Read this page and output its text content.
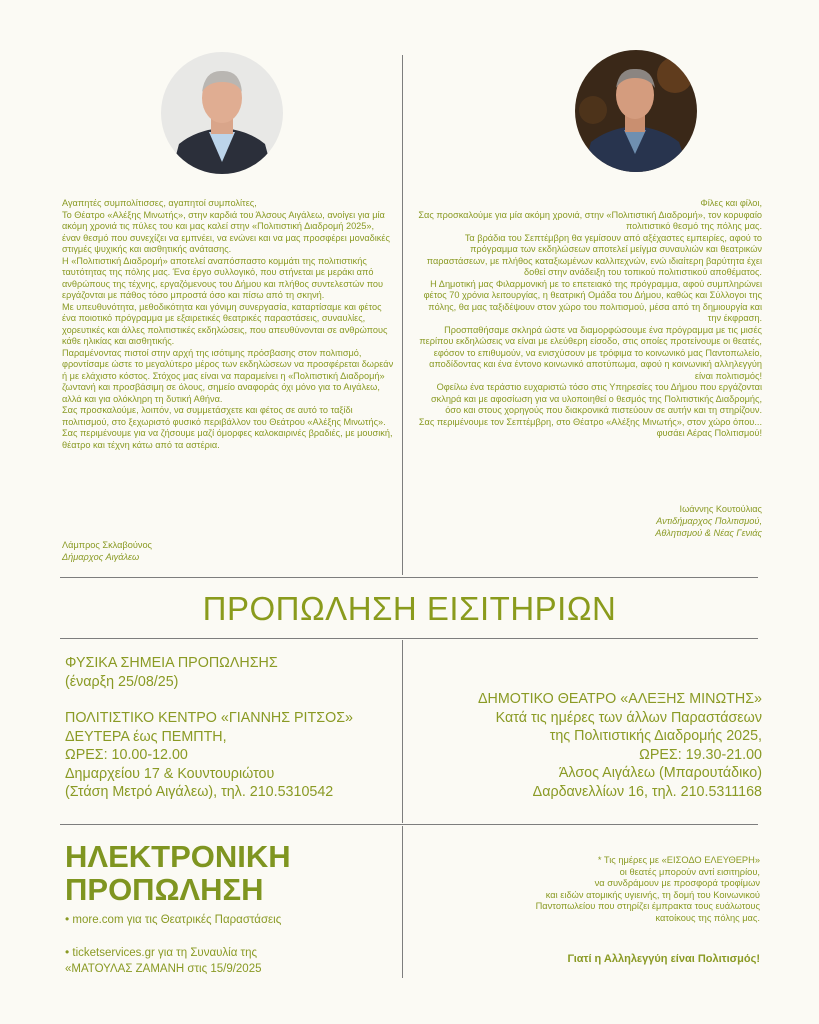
Αγαπητές συμπολίτισσες, αγαπητοί συμπολίτες,

Το Θέατρο «Αλέξης Μινωτής», στην καρδιά του Άλσους Αιγάλεω, ανοίγει για μία ακόμη χρονιά τις πύλες του και μας καλεί στην «Πολιτιστική Διαδρομή 2025», έναν θεσμό που συνεχίζει να εμπνέει, να ενώνει και να μας προσφέρει μοναδικές στιγμές ψυχικής και αισθητικής ανάτασης.

Η «Πολιτιστική Διαδρομή» αποτελεί αναπόσπαστο κομμάτι της πολιτιστικής ταυτότητας της πόλης μας. Ένα έργο συλλογικό, που στήνεται με μεράκι από ανθρώπους της τέχνης, εργαζόμενους του Δήμου και πλήθος συντελεστών που εργάζονται με πάθος τόσο μπροστά όσο και πίσω από τη σκηνή.

Με υπευθυνότητα, μεθοδικότητα και γόνιμη συνεργασία, καταρτίσαμε και φέτος ένα ποιοτικό πρόγραμμα με εξαιρετικές θεατρικές παραστάσεις, συναυλίες, χορευτικές και άλλες πολιτιστικές εκδηλώσεις, που απευθύνονται σε ανθρώπους κάθε ηλικίας και αισθητικής.

Παραμένοντας πιστοί στην αρχή της ισότιμης πρόσβασης στον πολιτισμό, φροντίσαμε ώστε το μεγαλύτερο μέρος των εκδηλώσεων να προσφέρεται δωρεάν ή με ελάχιστο κόστος. Στόχος μας είναι να παραμείνει η «Πολιτιστική Διαδρομή» ζωντανή και προσβάσιμη σε όλους, σημείο αναφοράς όχι μόνο για το Αιγάλεω, αλλά και για ολόκληρη τη δυτική Αθήνα.

Σας προσκαλούμε, λοιπόν, να συμμετάσχετε και φέτος σε αυτό το ταξίδι πολιτισμού, στο ξεχωριστό φυσικό περιβάλλον του Θεάτρου «Αλέξης Μινωτής». Σας περιμένουμε για να ζήσουμε μαζί όμορφες καλοκαιρινές βραδιές, με μουσική, θέατρο και τέχνη κάτω από τα αστέρια.

Λάμπρος Σκλαβούνος
Δήμαρχος Αιγάλεω

Φίλες και φίλοι,

Σας προσκαλούμε για μία ακόμη χρονιά, στην «Πολιτιστική Διαδρομή», τον κορυφαίο πολιτιστικό θεσμό της πόλης μας.

Τα βράδια του Σεπτέμβρη θα γεμίσουν από αξέχαστες εμπειρίες, αφού το πρόγραμμα των εκδηλώσεων αποτελεί μείγμα συναυλιών και θεατρικών παραστάσεων, με πλήθος καταξιωμένων καλλιτεχνών, ενώ ιδιαίτερη βαρύτητα έχει δοθεί στην ανάδειξη του τοπικού πολιτιστικού αποθέματος.

Η Δημοτική μας Φιλαρμονική με το επετειακό της πρόγραμμα, αφού συμπληρώνει φέτος 70 χρόνια λειτουργίας, η θεατρική Ομάδα του Δήμου, καθώς και Σύλλογοι της πόλης, θα μας ταξιδέψουν στον χώρο του πολιτισμού, μέσα από τη δημιουργία και την έκφραση.

Προσπαθήσαμε σκληρά ώστε να διαμορφώσουμε ένα πρόγραμμα με τις μισές περίπου εκδηλώσεις να είναι με ελεύθερη είσοδο, στις οποίες προτείνουμε οι θεατές, εφόσον το επιθυμούν, να ενισχύσουν με τρόφιμα το κοινωνικό μας Παντοπωλείο, αποδίδοντας και ένα έντονο κοινωνικό αποτύπωμα, αφού η κοινωνική αλληλεγγύη είναι πολιτισμός!

Οφείλω ένα τεράστιο ευχαριστώ τόσο στις Υπηρεσίες του Δήμου που εργάζονται σκληρά και με αφοσίωση για να υλοποιηθεί ο θεσμός της Πολιτιστικής Διαδρομής, όσο και στους χορηγούς που διακρονικά πιστεύουν σε αυτήν και τη στηρίζουν.

Σας περιμένουμε τον Σεπτέμβρη, στο Θέατρο «Αλέξης Μινωτής», στον χώρο όπου... φυσάει Αέρας Πολιτισμού!

Ιωάννης Κουτούλιας
Αντιδήμαρχος Πολιτισμού,
Αθλητισμού & Νέας Γενιάς
ΠΡΟΠΩΛΗΣΗ ΕΙΣΙΤΗΡΙΩΝ

ΦΥΣΙΚΑ ΣΗΜΕΙΑ ΠΡΟΠΩΛΗΣΗΣ

(έναρξη 25/08/25)

ΠΟΛΙΤΙΣΤΙΚΟ ΚΕΝΤΡΟ «ΓΙΑΝΝΗΣ ΡΙΤΣΟΣ»

ΔΕΥΤΕΡΑ έως ΠΕΜΠΤΗ,

ΩΡΕΣ: 10.00-12.00

Δημαρχείου 17 & Κουντουριώτου

(Στάση Μετρό Αιγάλεω), τηλ. 210.5310542

ΔΗΜΟΤΙΚΟ ΘΕΑΤΡΟ «ΑΛΕΞΗΣ ΜΙΝΩΤΗΣ»

Κατά τις ημέρες των άλλων Παραστάσεων

της Πολιτιστικής Διαδρομής 2025,

ΩΡΕΣ: 19.30-21.00

Άλσος Αιγάλεω (Μπαρουτάδικο)

Δαρδανελλίων 16, τηλ. 210.5311168

ΗΛΕΚΤΡΟΝΙΚΗ
ΠΡΟΠΩΛΗΣΗ
• more.com για τις Θεατρικές Παραστάσεις
• ticketservices.gr για τη Συναυλία της
«ΜΑΤΟΥΛΑΣ ΖΑΜΑΝΗ στις 15/9/2025

* Τις ημέρες με «ΕΙΣΟΔΟ ΕΛΕΥΘΕΡΗ»

οι θεατές μπορούν αντί εισιτηρίου,

να συνδράμουν με προσφορά τροφίμων

και ειδών ατομικής υγιεινής, τη δομή του Κοινωνικού

Παντοπωλείου που στηρίζει έμπρακτα τους ευάλωτους

κατοίκους της πόλης μας.

Γιατί η Αλληλεγγύη είναι Πολιτισμός!
